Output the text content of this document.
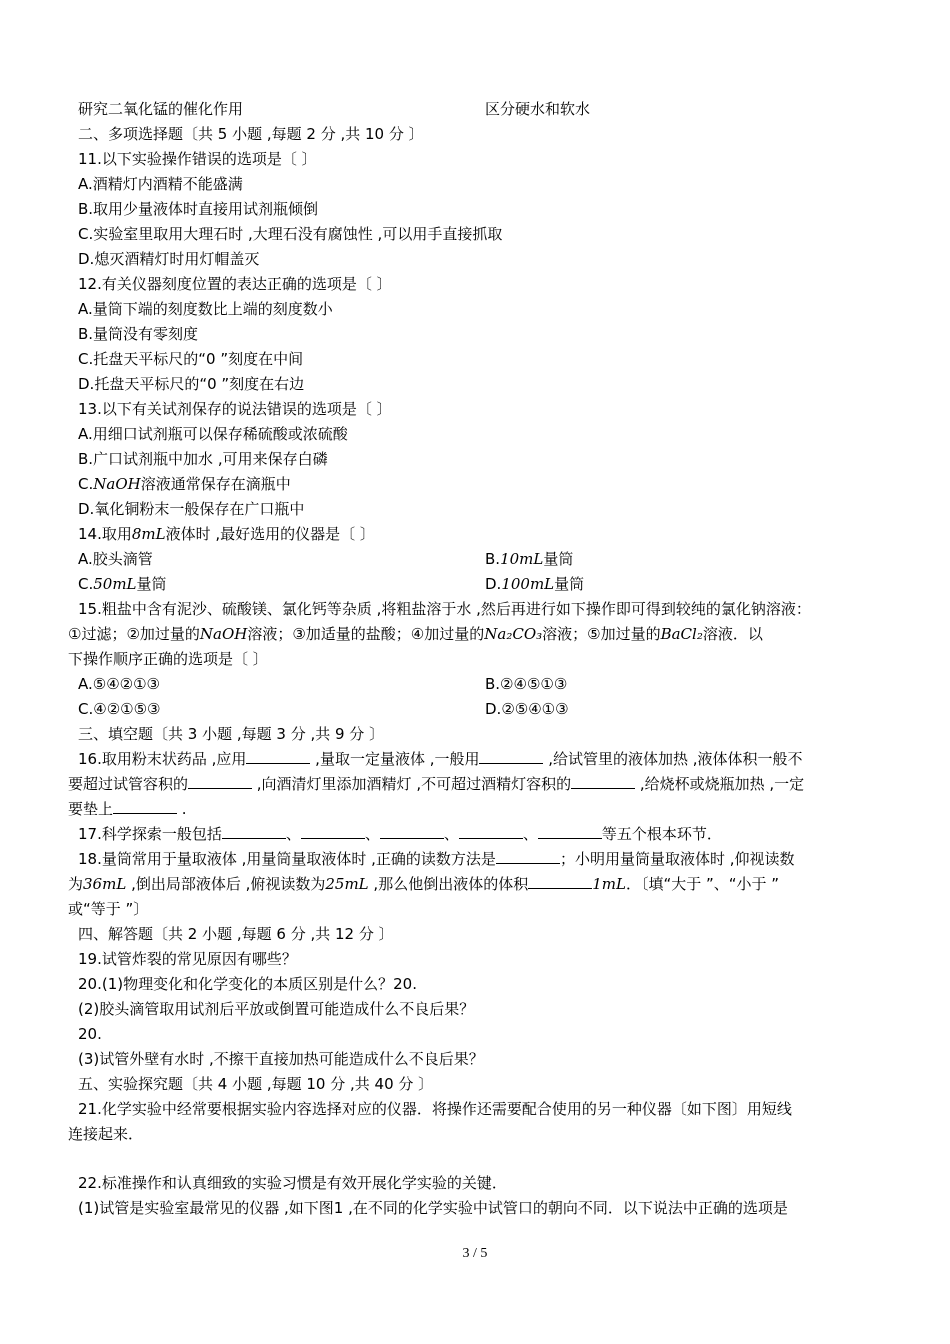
研究二氧化锰的催化作用	区分硬水和软水
二、多项选择题〔共 5 小题 ,每题 2 分 ,共 10 分 〕
11.以下实验操作错误的选项是〔 〕
A.酒精灯内酒精不能盛满
B.取用少量液体时直接用试剂瓶倾倒
C.实验室里取用大理石时 ,大理石没有腐蚀性 ,可以用手直接抓取
D.熄灭酒精灯时用灯帽盖灭
12.有关仪器刻度位置的表达正确的选项是〔 〕
A.量筒下端的刻度数比上端的刻度数小
B.量筒没有零刻度
C.托盘天平标尺的“0 ”刻度在中间
D.托盘天平标尺的“0 ”刻度在右边
13.以下有关试剂保存的说法错误的选项是〔 〕
A.用细口试剂瓶可以保存稀硫酸或浓硫酸
B.广口试剂瓶中加水 ,可用来保存白磷
C.NaOH溶液通常保存在滴瓶中
D.氧化铜粉末一般保存在广口瓶中
14.取用8mL液体时 ,最好选用的仪器是〔 〕
A.胶头滴管	B.10mL量筒
C.50mL量筒	D.100mL量筒
15.粗盐中含有泥沙、硫酸镁、氯化钙等杂质 ,将粗盐溶于水 ,然后再进行如下操作即可得到较纯的氯化钠溶液：
①过滤；②加过量的NaOH溶液；③加适量的盐酸；④加过量的Na₂CO₃溶液；⑤加过量的BaCl₂溶液．以
下操作顺序正确的选项是〔 〕
A.⑤④②①③	B.②④⑤①③
C.④②①⑤③	D.②⑤④①③
三、填空题〔共 3 小题 ,每题 3 分 ,共 9 分 〕
16.取用粉末状药品 ,应用	,量取一定量液体 ,一般用	,给试管里的液体加热 ,液体体积一般不
要超过试管容积的	,向酒清灯里添加酒精灯 ,不可超过酒精灯容积的	,给烧杯或烧瓶加热 ,一定
要垫上	.
17.科学探索一般包括	、	、	、	、	等五个根本环节．
18.量筒常用于量取液体 ,用量筒量取液体时 ,正确的读数方法是	；小明用量筒量取液体时 ,仰视读数
为36mL ,倒出局部液体后 ,俯视读数为25mL ,那么他倒出液体的体积	1mL．〔填“大于 ”、“小于 ”
或“等于 ”〕
四、解答题〔共 2 小题 ,每题 6 分 ,共 12 分 〕
19.试管炸裂的常见原因有哪些？
20.(1)物理变化和化学变化的本质区别是什么？20.
(2)胶头滴管取用试剂后平放或倒置可能造成什么不良后果？
20.
(3)试管外壁有水时 ,不擦干直接加热可能造成什么不良后果？
五、实验探究题〔共 4 小题 ,每题 10 分 ,共 40 分 〕
21.化学实验中经常要根据实验内容选择对应的仪器．将操作还需要配合使用的另一种仪器〔如下图〕用短线
连接起来．
22.标准操作和认真细致的实验习惯是有效开展化学实验的关键．
(1)试管是实验室最常见的仪器 ,如下图1 ,在不同的化学实验中试管口的朝向不同．以下说法中正确的选项是
3 / 5
